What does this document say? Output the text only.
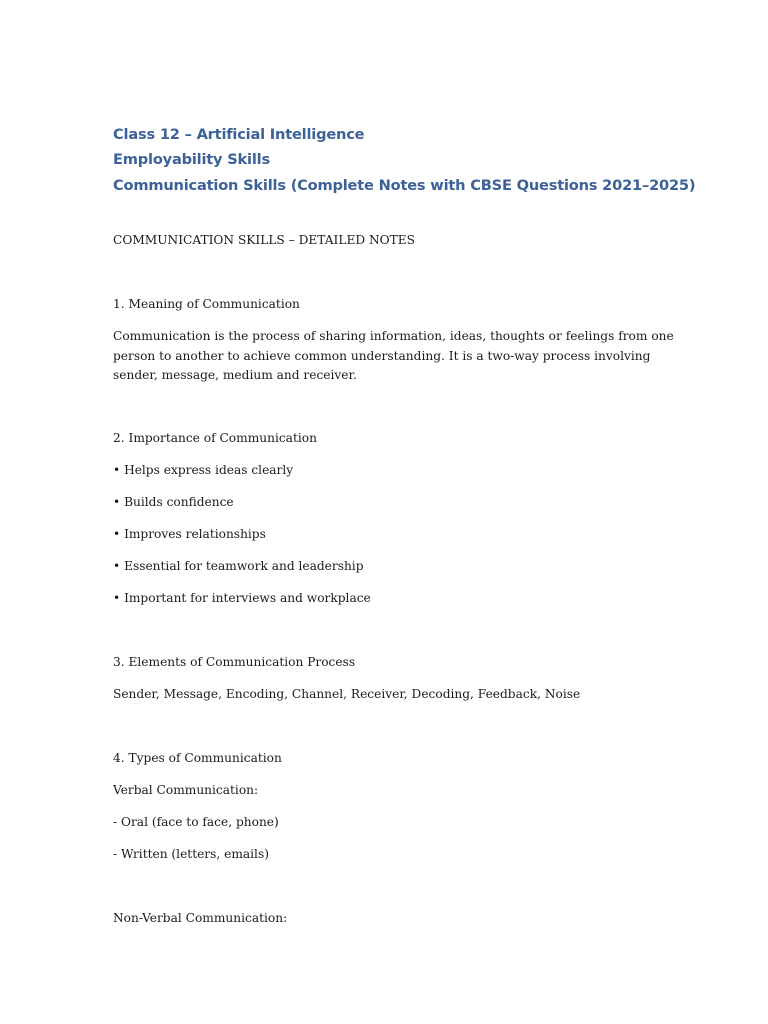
Class 12 – Artificial Intelligence
Employability Skills
Communication Skills (Complete Notes with CBSE Questions 2021–2025)
COMMUNICATION SKILLS – DETAILED NOTES
1. Meaning of Communication
Communication is the process of sharing information, ideas, thoughts or feelings from one
person to another to achieve common understanding. It is a two-way process involving
sender, message, medium and receiver.
2. Importance of Communication
• Helps express ideas clearly
• Builds confidence
• Improves relationships
• Essential for teamwork and leadership
• Important for interviews and workplace
3. Elements of Communication Process
Sender, Message, Encoding, Channel, Receiver, Decoding, Feedback, Noise
4. Types of Communication
Verbal Communication:
- Oral (face to face, phone)
- Written (letters, emails)
Non-Verbal Communication:
